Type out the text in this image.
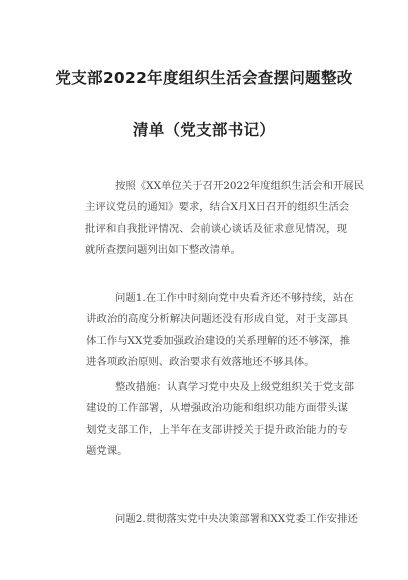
党支部2022年度组织生活会查摆问题整改
清单（党支部书记）
按照《XX单位关于召开2022年度组织生活会和开展民
主评议党员的通知》要求，结合X月X日召开的组织生活会
批评和自我批评情况、会前谈心谈话及征求意见情况，现
就所查摆问题列出如下整改清单。
问题1.在工作中时刻向党中央看齐还不够持续，站在
讲政治的高度分析解决问题还没有形成自觉，对于支部具
体工作与XX党委加强政治建设的关系理解的还不够深，推
进各项政治原则、政治要求有效落地还不够具体。
整改措施：认真学习党中央及上级党组织关于党支部
建设的工作部署，从增强政治功能和组织功能方面带头谋
划党支部工作，上半年在支部讲授关于提升政治能力的专
题党课。
问题2.贯彻落实党中央决策部署和XX党委工作安排还
